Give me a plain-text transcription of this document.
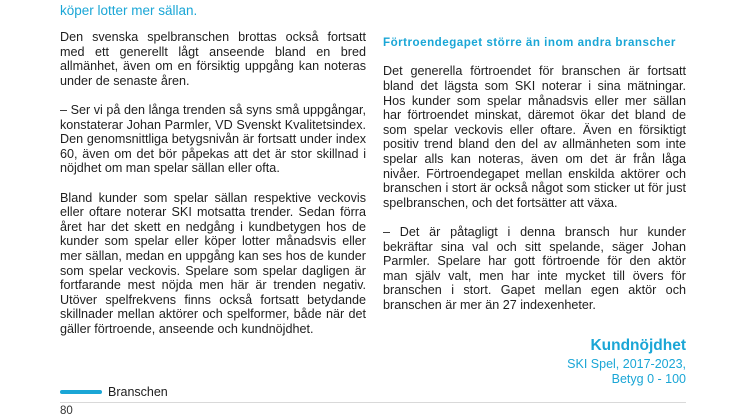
köper lotter mer sällan.

Den svenska spelbranschen brottas också fortsatt med ett generellt lågt anseende bland en bred allmänhet, även om en försiktig uppgång kan noteras under de senaste åren.

– Ser vi på den långa trenden så syns små uppgångar, konstaterar Johan Parmler, VD Svenskt Kvalitetsindex. Den genomsnittliga betygsnivån är fortsatt under index 60, även om det bör påpekas att det är stor skillnad i nöjdhet om man spelar sällan eller ofta.

Bland kunder som spelar sällan respektive veckovis eller oftare noterar SKI motsatta trender. Sedan förra året har det skett en nedgång i kundbetygen hos de kunder som spelar eller köper lotter månadsvis eller mer sällan, medan en uppgång kan ses hos de kunder som spelar veckovis. Spelare som spelar dagligen är fortfarande mest nöjda men här är trenden negativ. Utöver spelfrekvens finns också fortsatt betydande skillnader mellan aktörer och spelformer, både när det gäller förtroende, anseende och kundnöjdhet.

Förtroendegapet större än inom andra branscher

Det generella förtroendet för branschen är fortsatt bland det lägsta som SKI noterar i sina mätningar. Hos kunder som spelar månadsvis eller mer sällan har förtroendet minskat, däremot ökar det bland de som spelar veckovis eller oftare. Även en försiktigt positiv trend bland den del av allmänheten som inte spelar alls kan noteras, även om det är från låga nivåer. Förtroendegapet mellan enskilda aktörer och branschen i stort är också något som sticker ut för just spelbranschen, och det fortsätter att växa.

– Det är påtagligt i denna bransch hur kunder bekräftar sina val och sitt spelande, säger Johan Parmler. Spelare har gott förtroende för den aktör man själv valt, men har inte mycket till övers för branschen i stort. Gapet mellan egen aktör och branschen är mer än 27 indexenheter.

Kundnöjdhet
SKI Spel, 2017-2023,
Betyg 0 - 100
Branschen
80
